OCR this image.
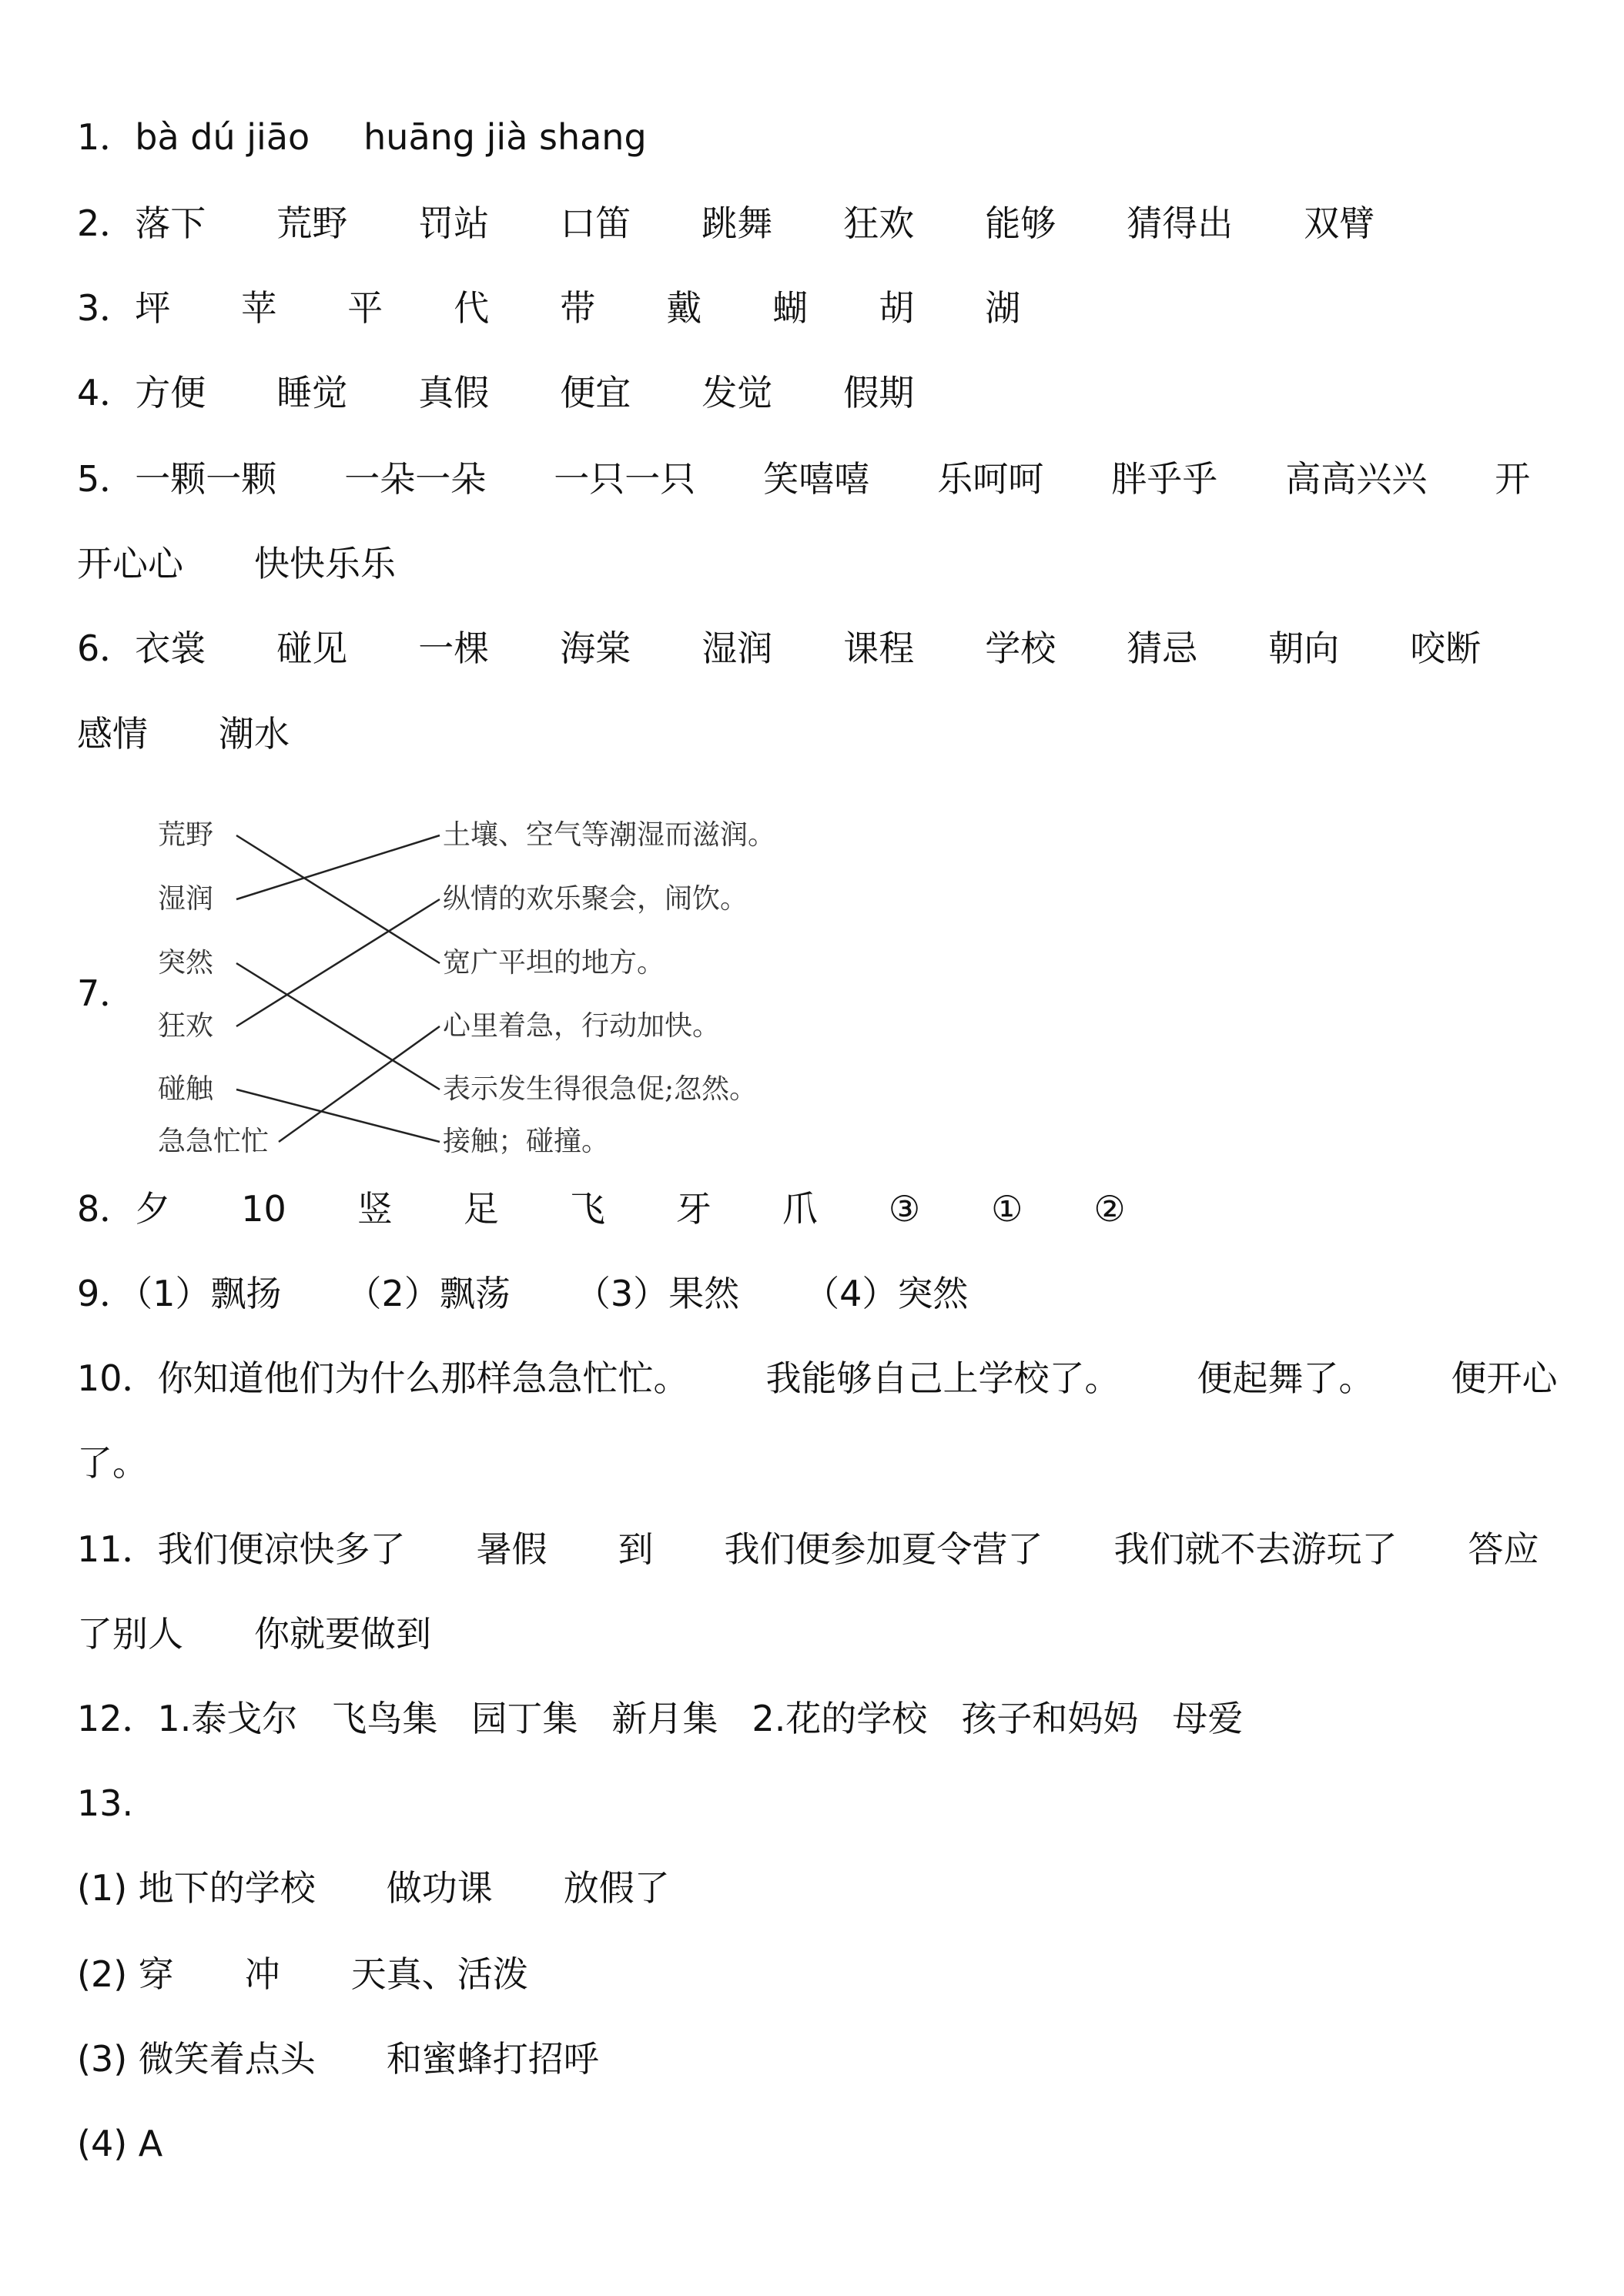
1．bà dú jiāo huāng jià shang
2．落下 荒野 罚站 口笛 跳舞 狂欢 能够 猜得出 双臂
3．坪 苹 平 代 带 戴 蝴 胡 湖
4．方便 睡觉 真假 便宜 发觉 假期
5．一颗一颗 一朵一朵 一只一只 笑嘻嘻 乐呵呵 胖乎乎 高高兴兴 开
开心心 快快乐乐
6．衣裳 碰见 一棵 海棠 湿润 课程 学校 猜忌 朝向 咬断
感情 潮水
8．夕 10 竖 足 飞 牙 爪 ③ ① ②
9．（1）飘扬 （2）飘荡 （3）果然 （4）突然
10．你知道他们为什么那样急急忙忙。 我能够自己上学校了。 便起舞了。 便开心
了。
11．我们便凉快多了 暑假 到 我们便参加夏令营了 我们就不去游玩了 答应
了别人 你就要做到
12．1.泰戈尔 飞鸟集 园丁集 新月集 2.花的学校 孩子和妈妈 母爱
13.
(1) 地下的学校 做功课 放假了
(2) 穿 冲 天真、活泼
(3) 微笑着点头 和蜜蜂打招呼
(4) A
7．
荒野
湿润
突然
狂欢
碰触
急急忙忙
土壤、空气等潮湿而滋润。
纵情的欢乐聚会，闹饮。
宽广平坦的地方。
心里着急，行动加快。
表示发生得很急促;忽然。
接触；碰撞。
